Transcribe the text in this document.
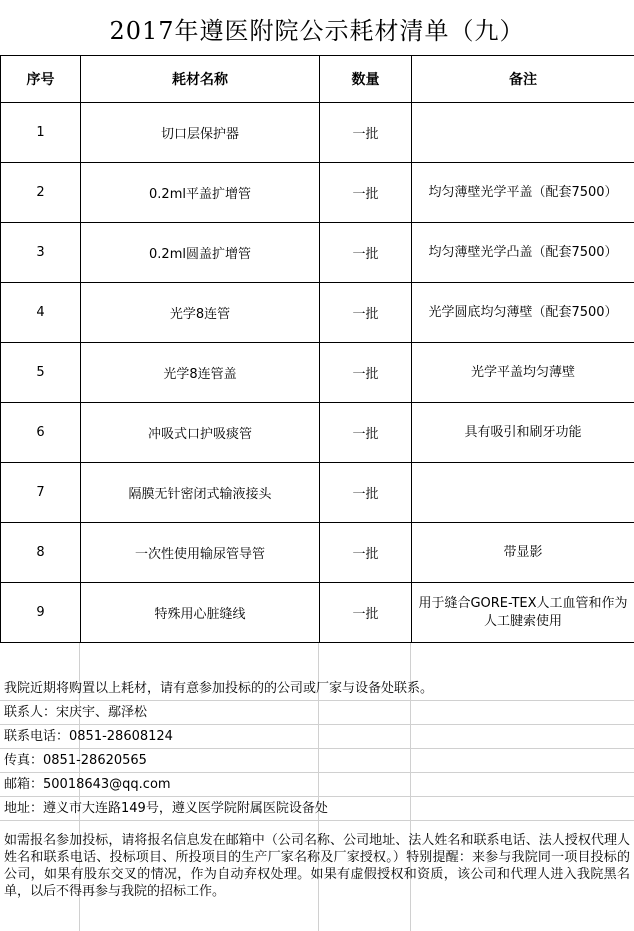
2017年遵医附院公示耗材清单（九）
序号	耗材名称	数量	备注
1	切口层保护器	一批	
2	0.2ml平盖扩增管	一批	均匀薄壁光学平盖（配套7500）
3	0.2ml圆盖扩增管	一批	均匀薄壁光学凸盖（配套7500）
4	光学8连管	一批	光学圆底均匀薄壁（配套7500）
5	光学8连管盖	一批	光学平盖均匀薄壁
6	冲吸式口护吸痰管	一批	具有吸引和刷牙功能
7	隔膜无针密闭式输液接头	一批	
8	一次性使用输尿管导管	一批	带显影
9	特殊用心脏缝线	一批	用于缝合GORE-TEX人工血管和作为人工腱索使用
我院近期将购置以上耗材，请有意参加投标的的公司或厂家与设备处联系。
联系人：宋庆宇、鄢泽松
联系电话：0851-28608124
传真：0851-28620565
邮箱：50018643@qq.com
地址：遵义市大连路149号，遵义医学院附属医院设备处
如需报名参加投标，请将报名信息发在邮箱中（公司名称、公司地址、法人姓名和联系电话、法人授权代理人姓名和联系电话、投标项目、所投项目的生产厂家名称及厂家授权。）特别提醒：来参与我院同一项目投标的公司，如果有股东交叉的情况，作为自动弃权处理。如果有虚假授权和资质，该公司和代理人进入我院黑名单，以后不得再参与我院的招标工作。
